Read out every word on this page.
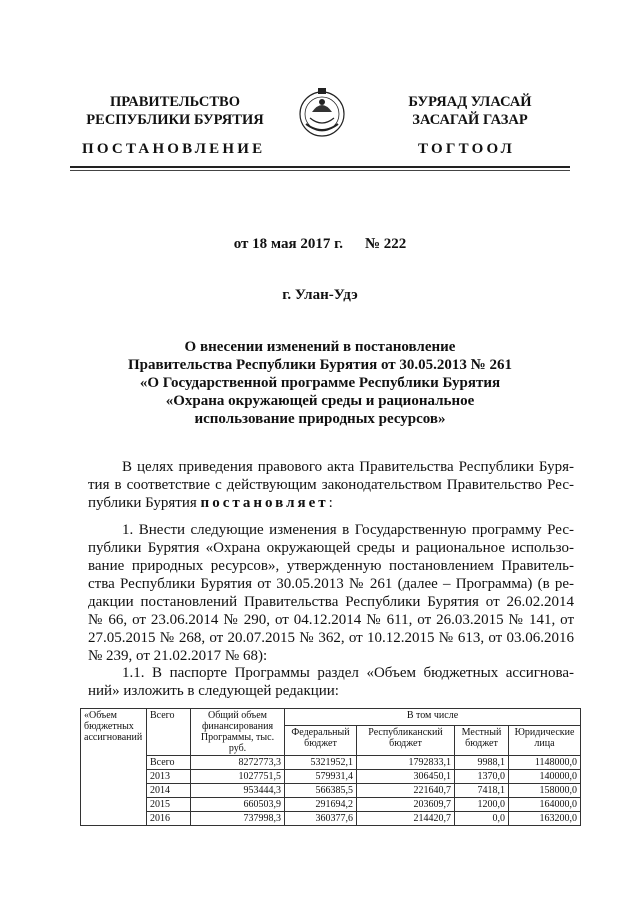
ПРАВИТЕЛЬСТВО
РЕСПУБЛИКИ БУРЯТИЯ
БУРЯАД УЛАСАЙ
ЗАСАГАЙ ГАЗАР
ПОСТАНОВЛЕНИЕ	ТОГТООЛ
от 18 мая 2017 г. № 222
г. Улан-Удэ
О внесении изменений в постановление
Правительства Республики Бурятия от 30.05.2013 № 261
«О Государственной программе Республики Бурятия
«Охрана окружающей среды и рациональное
использование природных ресурсов»
В целях приведения правового акта Правительства Республики Буря-
тия в соответствие с действующим законодательством Правительство Рес-
публики Бурятия постановляет:
1. Внести следующие изменения в Государственную программу Рес-
публики Бурятия «Охрана окружающей среды и рациональное использо-
вание природных ресурсов», утвержденную постановлением Правитель-
ства Республики Бурятия от 30.05.2013 № 261 (далее – Программа) (в ре-
дакции постановлений Правительства Республики Бурятия от 26.02.2014
№ 66, от 23.06.2014 № 290, от 04.12.2014 № 611, от 26.03.2015 № 141, от
27.05.2015 № 268, от 20.07.2015 № 362, от 10.12.2015 № 613, от 03.06.2016
№ 239, от 21.02.2017 № 68):
1.1. В паспорте Программы раздел «Объем бюджетных ассигнова-
ний» изложить в следующей редакции:
«Объем бюджетных ассигнований	Всего	Общий объем финансирования Программы, тыс. руб.	В том числе			
			Федеральный бюджет	Республиканский бюджет	Местный бюджет	Юридические лица
	Всего	8272773,3	5321952,1	1792833,1	9988,1	1148000,0
	2013	1027751,5	579931,4	306450,1	1370,0	140000,0
	2014	953444,3	566385,5	221640,7	7418,1	158000,0
	2015	660503,9	291694,2	203609,7	1200,0	164000,0
	2016	737998,3	360377,6	214420,7	0,0	163200,0
